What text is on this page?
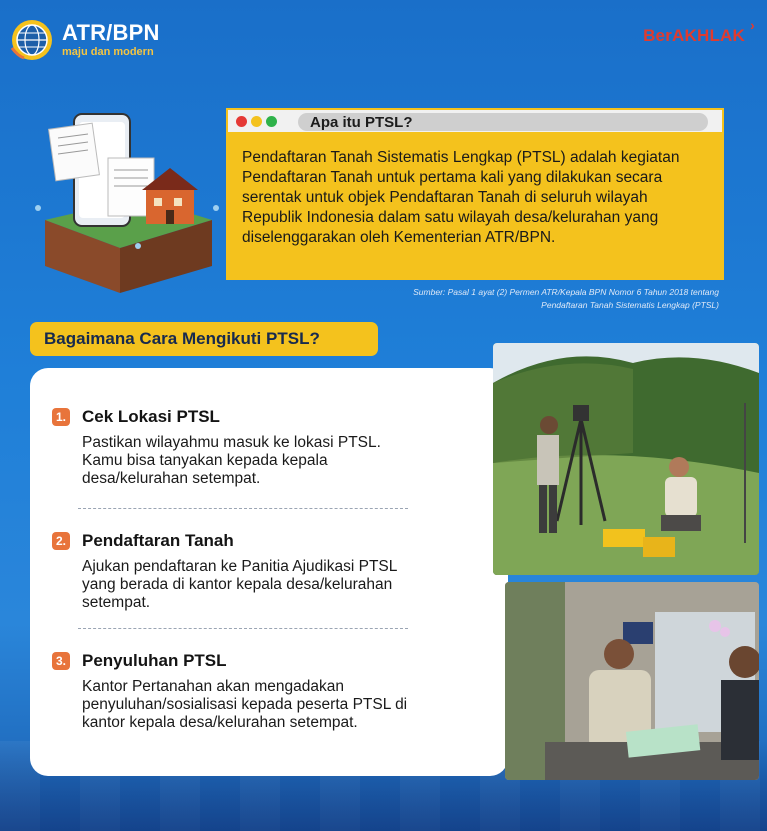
ATR/BPN
maju dan modern
BerAKHLAK
›
Apa itu PTSL?
Pendaftaran Tanah Sistematis Lengkap (PTSL) adalah kegiatan Pendaftaran Tanah untuk pertama kali yang dilakukan secara serentak untuk objek Pendaftaran Tanah di seluruh wilayah Republik Indonesia dalam satu wilayah desa/kelurahan yang diselenggarakan oleh Kementerian ATR/BPN.
Sumber: Pasal 1 ayat (2) Permen ATR/Kepala BPN Nomor 6 Tahun 2018 tentang
Pendaftaran Tanah Sistematis Lengkap (PTSL)
Bagaimana Cara Mengikuti PTSL?
1. Cek Lokasi PTSL
Pastikan wilayahmu masuk ke lokasi PTSL. Kamu bisa tanyakan kepada kepala desa/kelurahan setempat.
2. Pendaftaran Tanah
Ajukan pendaftaran ke Panitia Ajudikasi PTSL yang berada di kantor kepala desa/kelurahan setempat.
3. Penyuluhan PTSL
Kantor Pertanahan akan mengadakan penyuluhan/sosialisasi kepada peserta PTSL di kantor kepala desa/kelurahan setempat.
